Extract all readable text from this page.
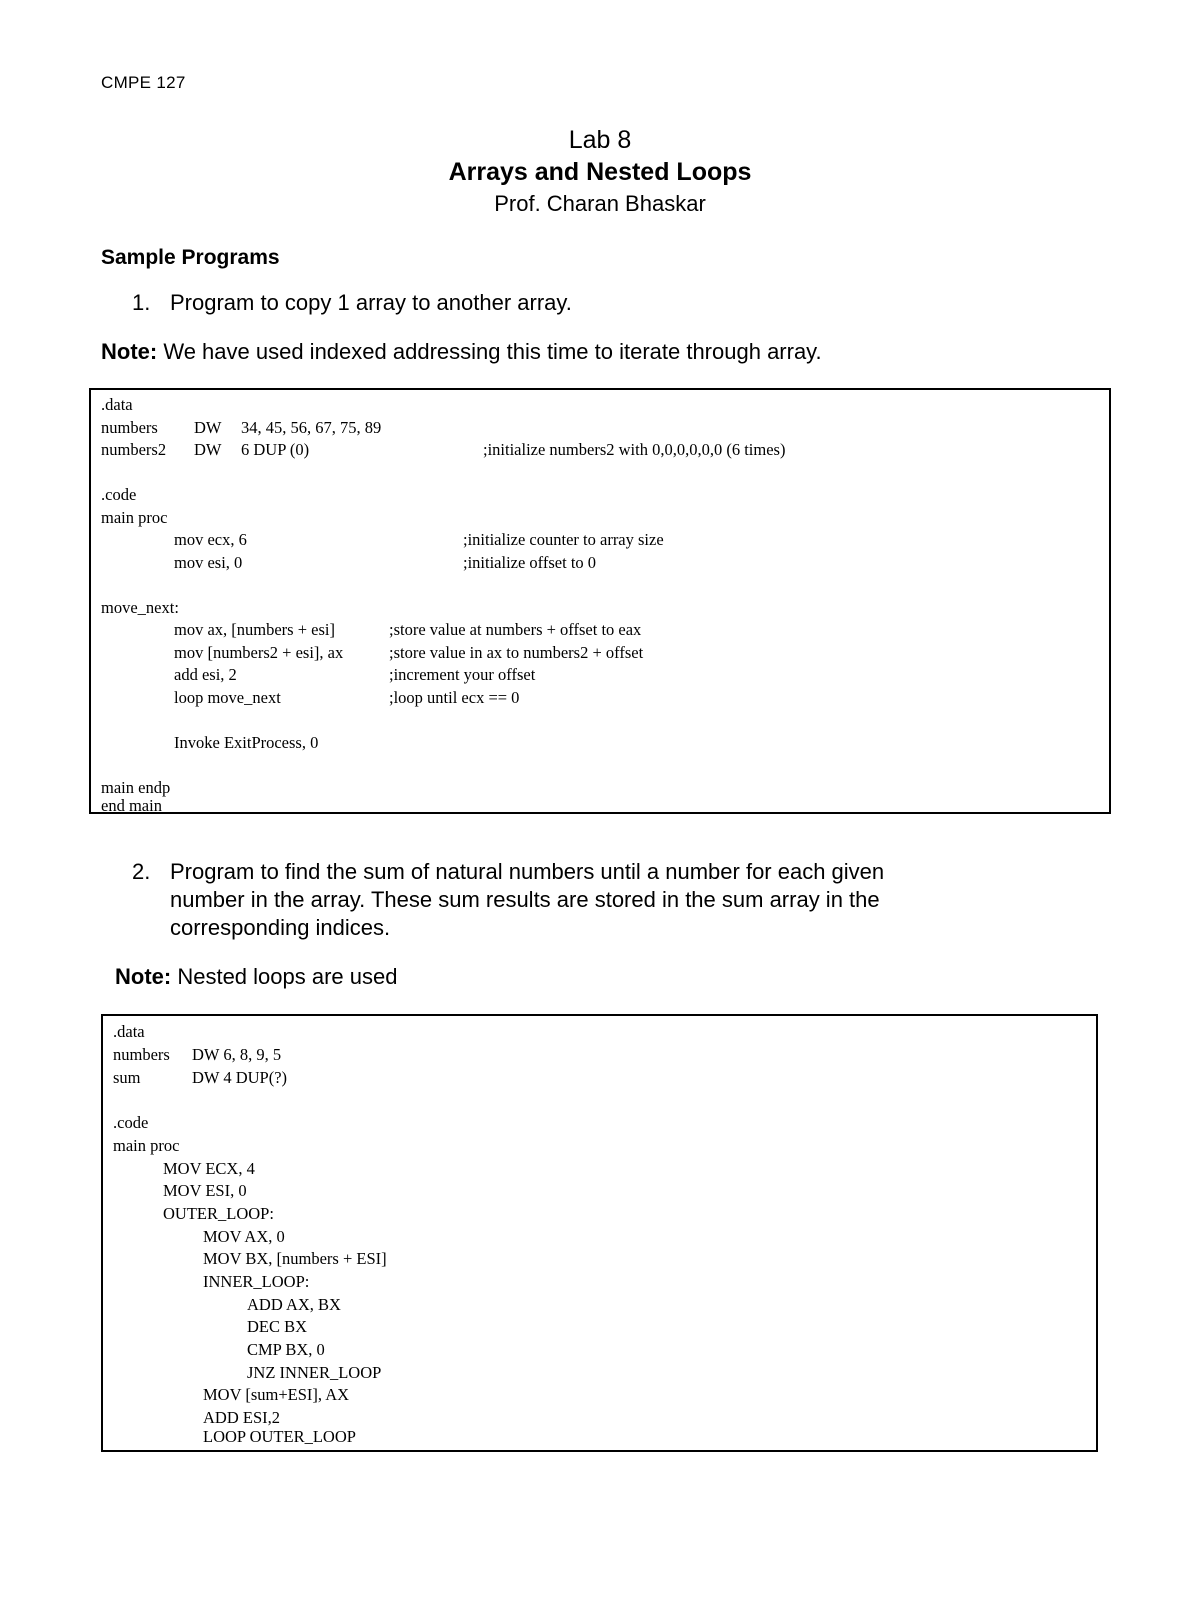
CMPE 127
Lab 8
Arrays and Nested Loops
Prof. Charan Bhaskar
Sample Programs
1. Program to copy 1 array to another array.
Note: We have used indexed addressing this time to iterate through array.
.data
numbers DW 34, 45, 56, 67, 75, 89
numbers2 DW 6 DUP (0)	;initialize numbers2 with 0,0,0,0,0,0 (6 times)
.code
main proc
mov ecx, 6	;initialize counter to array size
mov esi, 0	;initialize offset to 0
move_next:
mov ax, [numbers + esi]	;store value at numbers + offset to eax
mov [numbers2 + esi], ax	;store value in ax to numbers2 + offset
add esi, 2	;increment your offset
loop move_next	;loop until ecx == 0
Invoke ExitProcess, 0
main endp
end main
2. Program to find the sum of natural numbers until a number for each given
number in the array. These sum results are stored in the sum array in the
corresponding indices.
Note: Nested loops are used
.data
numbers DW 6, 8, 9, 5
sum	DW 4 DUP(?)
.code
main proc
MOV ECX, 4
MOV ESI, 0
OUTER_LOOP:
MOV AX, 0
MOV BX, [numbers + ESI]
INNER_LOOP:
ADD AX, BX
DEC BX
CMP BX, 0
JNZ INNER_LOOP
MOV [sum+ESI], AX
ADD ESI,2
LOOP OUTER_LOOP
